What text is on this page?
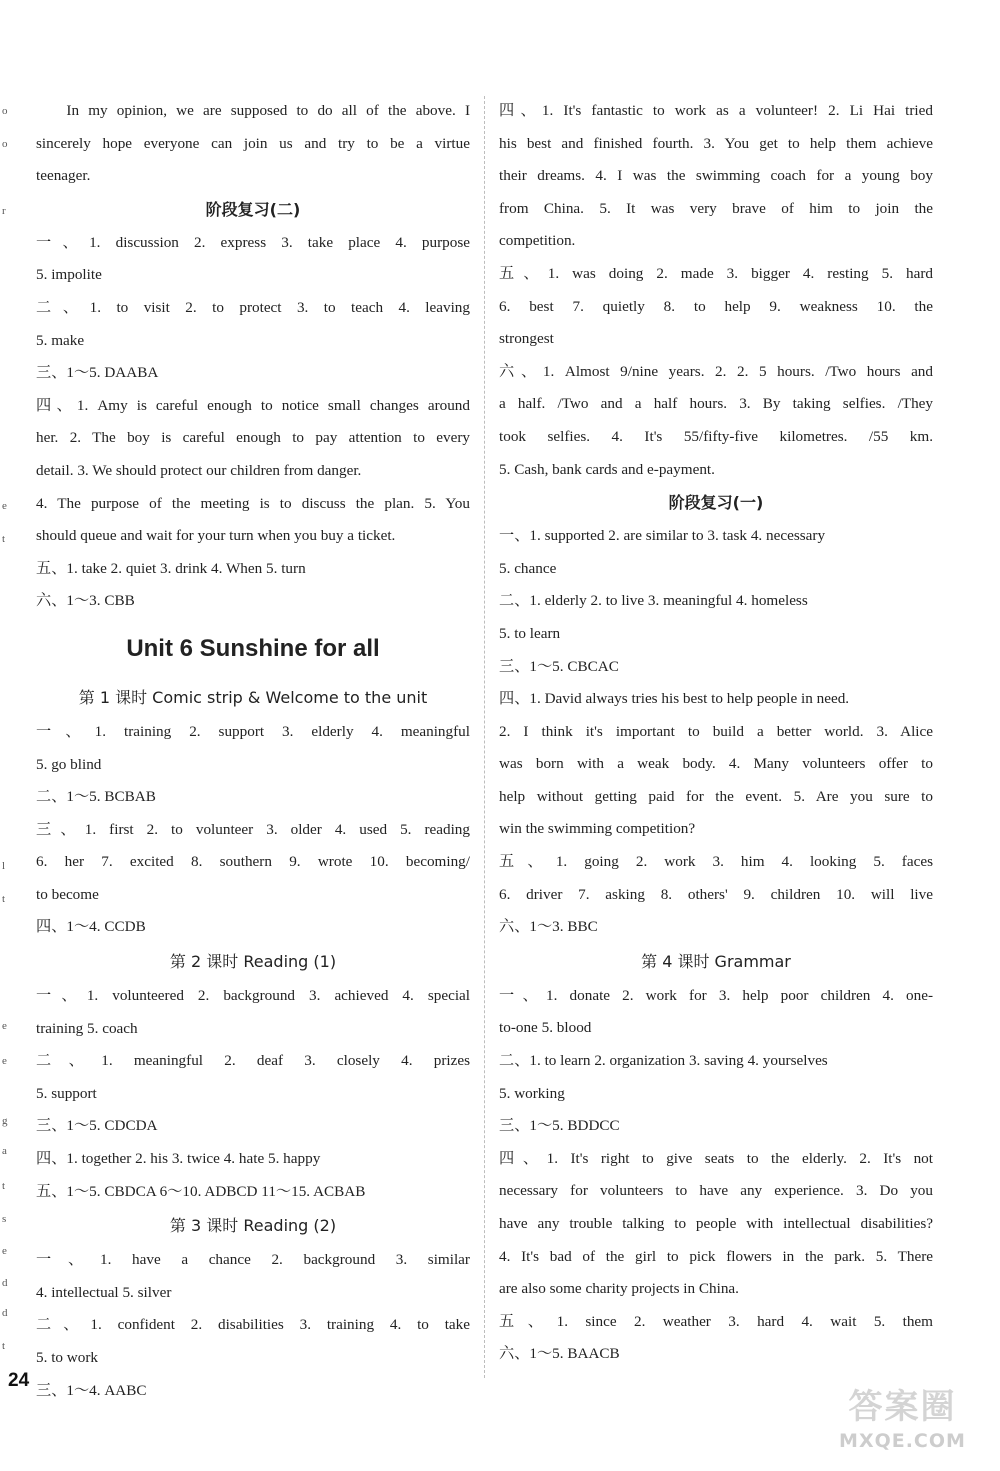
o
o
r
e
t
l
t
e
e
g
a
t
s
e
d
d
t
In my opinion, we are supposed to do all of the above. I
sincerely hope everyone can join us and try to be a virtue
teenager.
阶段复习(二)
一、1. discussion 2. express 3. take place 4. purpose
5. impolite
二、1. to visit 2. to protect 3. to teach 4. leaving
5. make
三、1～5. DAABA
四、1. Amy is careful enough to notice small changes around
her. 2. The boy is careful enough to pay attention to every
detail. 3. We should protect our children from danger.
4. The purpose of the meeting is to discuss the plan. 5. You
should queue and wait for your turn when you buy a ticket.
五、1. take 2. quiet 3. drink 4. When 5. turn
六、1～3. CBB
Unit 6 Sunshine for all
第 1 课时 Comic strip & Welcome to the unit
一、1. training 2. support 3. elderly 4. meaningful
5. go blind
二、1～5. BCBAB
三、1. first 2. to volunteer 3. older 4. used 5. reading
6. her 7. excited 8. southern 9. wrote 10. becoming/
to become
四、1～4. CCDB
第 2 课时 Reading (1)
一、1. volunteered 2. background 3. achieved 4. special
training 5. coach
二、1. meaningful 2. deaf 3. closely 4. prizes
5. support
三、1～5. CDCDA
四、1. together 2. his 3. twice 4. hate 5. happy
五、1～5. CBDCA 6～10. ADBCD 11～15. ACBAB
第 3 课时 Reading (2)
一、1. have a chance 2. background 3. similar
4. intellectual 5. silver
二、1. confident 2. disabilities 3. training 4. to take
5. to work
三、1～4. AABC
四、1. It's fantastic to work as a volunteer! 2. Li Hai tried
his best and finished fourth. 3. You get to help them achieve
their dreams. 4. I was the swimming coach for a young boy
from China. 5. It was very brave of him to join the
competition.
五、1. was doing 2. made 3. bigger 4. resting 5. hard
6. best 7. quietly 8. to help 9. weakness 10. the
strongest
六、1. Almost 9/nine years. 2. 2. 5 hours. /Two hours and
a half. /Two and a half hours. 3. By taking selfies. /They
took selfies. 4. It's 55/fifty-five kilometres. /55 km.
5. Cash, bank cards and e-payment.
阶段复习(一)
一、1. supported 2. are similar to 3. task 4. necessary
5. chance
二、1. elderly 2. to live 3. meaningful 4. homeless
5. to learn
三、1～5. CBCAC
四、1. David always tries his best to help people in need.
2. I think it's important to build a better world. 3. Alice
was born with a weak body. 4. Many volunteers offer to
help without getting paid for the event. 5. Are you sure to
win the swimming competition?
五、1. going 2. work 3. him 4. looking 5. faces
6. driver 7. asking 8. others' 9. children 10. will live
六、1～3. BBC
第 4 课时 Grammar
一、1. donate 2. work for 3. help poor children 4. one-
to-one 5. blood
二、1. to learn 2. organization 3. saving 4. yourselves
5. working
三、1～5. BDDCC
四、1. It's right to give seats to the elderly. 2. It's not
necessary for volunteers to have any experience. 3. Do you
have any trouble talking to people with intellectual disabilities?
4. It's bad of the girl to pick flowers in the park. 5. There
are also some charity projects in China.
五、1. since 2. weather 3. hard 4. wait 5. them
六、1～5. BAACB
24
答案圈
MXQE.COM
